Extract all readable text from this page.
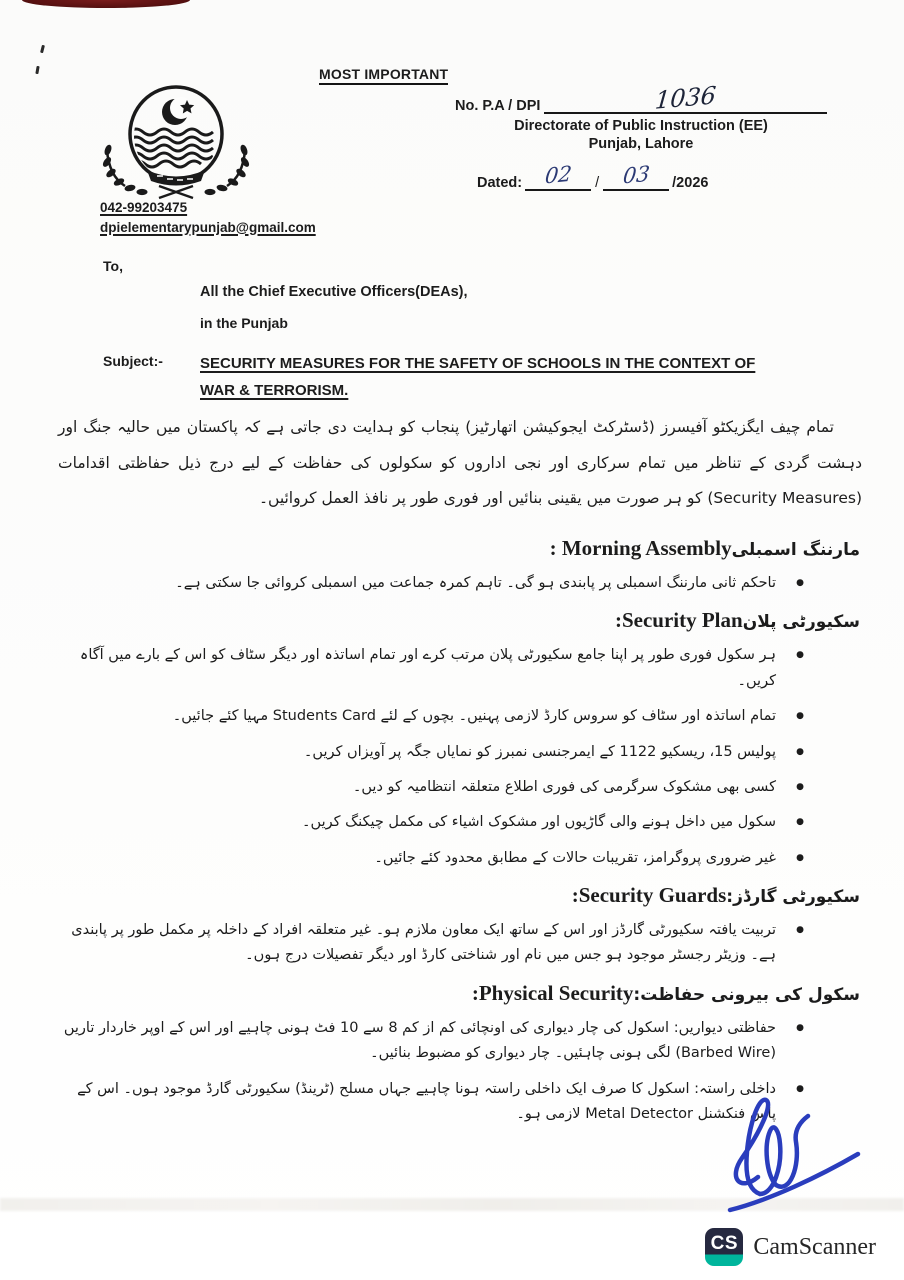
MOST IMPORTANT
042-99203475
dpielementarypunjab@gmail.com
No. P.A / DPI	1036
Directorate of Public Instruction (EE)
Punjab, Lahore
Dated:	02	/	03	/2026
To,
All the Chief Executive Officers(DEAs),
in the Punjab
Subject:- SECURITY MEASURES FOR THE SAFETY OF SCHOOLS IN THE CONTEXT OF WAR & TERRORISM.
تمام چیف ایگزیکٹو آفیسرز (ڈسٹرکٹ ایجوکیشن اتھارٹیز) پنجاب کو ہدایت دی جاتی ہے کہ پاکستان میں حالیہ جنگ اور دہشت گردی کے تناظر میں تمام سرکاری اور نجی اداروں کو سکولوں کی حفاظت کے لیے درج ذیل حفاظتی اقدامات (Security Measures) کو ہر صورت میں یقینی بنائیں اور فوری طور پر نافذ العمل کروائیں۔
مارننگ اسمبلیMorning Assembly :
● تاحکم ثانی مارننگ اسمبلی پر پابندی ہو گی۔ تاہم کمرہ جماعت میں اسمبلی کروائی جا سکتی ہے۔
سکیورٹی پلانSecurity Plan:
● ہر سکول فوری طور پر اپنا جامع سکیورٹی پلان مرتب کرے اور تمام اساتذہ اور دیگر سٹاف کو اس کے بارے میں آگاہ کریں۔
● تمام اساتذہ اور سٹاف کو سروس کارڈ لازمی پہنیں۔ بچوں کے لئے Students Card مہیا کئے جائیں۔
● پولیس 15، ریسکیو 1122 کے ایمرجنسی نمبرز کو نمایاں جگہ پر آویزاں کریں۔
● کسی بھی مشکوک سرگرمی کی فوری اطلاع متعلقہ انتظامیہ کو دیں۔
● سکول میں داخل ہونے والی گاڑیوں اور مشکوک اشیاء کی مکمل چیکنگ کریں۔
● غیر ضروری پروگرامز، تقریبات حالات کے مطابق محدود کئے جائیں۔
سکیورٹی گارڈز:Security Guards:
● تربیت یافتہ سکیورٹی گارڈز اور اس کے ساتھ ایک معاون ملازم ہو۔ غیر متعلقہ افراد کے داخلہ پر مکمل طور پر پابندی ہے۔ وزیٹر رجسٹر موجود ہو جس میں نام اور شناختی کارڈ اور دیگر تفصیلات درج ہوں۔
سکول کی بیرونی حفاظت:Physical Security:
● حفاظتی دیواریں: اسکول کی چار دیواری کی اونچائی کم از کم 8 سے 10 فٹ ہونی چاہیے اور اس کے اوپر خاردار تاریں (Barbed Wire) لگی ہونی چاہئیں۔ چار دیواری کو مضبوط بنائیں۔
● داخلی راستہ: اسکول کا صرف ایک داخلی راستہ ہونا چاہیے جہاں مسلح (ٹرینڈ) سکیورٹی گارڈ موجود ہوں۔ اس کے پاس فنکشنل Metal Detector لازمی ہو۔
CS CamScanner
